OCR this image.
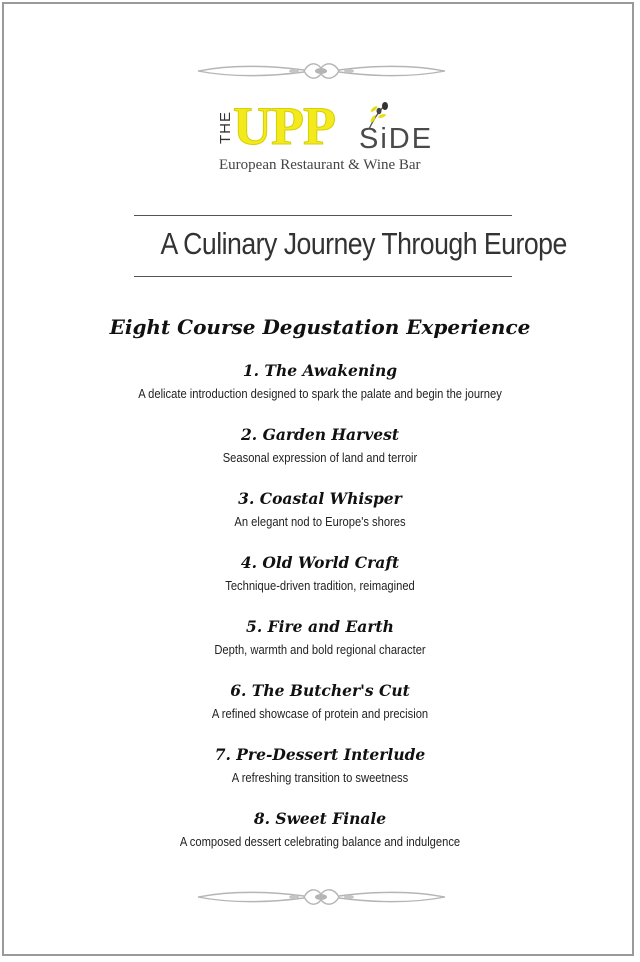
THE UPP SiDE
European Restaurant & Wine Bar
A Culinary Journey Through Europe
Eight Course Degustation Experience
1. The Awakening
A delicate introduction designed to spark the palate and begin the journey
2. Garden Harvest
Seasonal expression of land and terroir
3. Coastal Whisper
An elegant nod to Europe's shores
4. Old World Craft
Technique-driven tradition, reimagined
5. Fire and Earth
Depth, warmth and bold regional character
6. The Butcher's Cut
A refined showcase of protein and precision
7. Pre-Dessert Interlude
A refreshing transition to sweetness
8. Sweet Finale
A composed dessert celebrating balance and indulgence
